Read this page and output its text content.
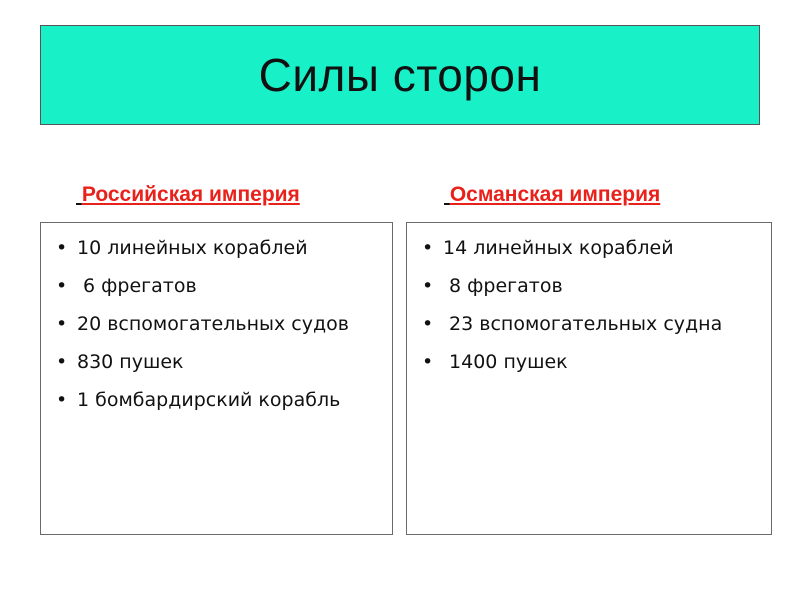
Силы сторон
Российская империя	Османская империя
• 10 линейных кораблей
•  6 фрегатов
• 20 вспомогательных судов
• 830 пушек
• 1 бомбардирский корабль
• 14 линейных кораблей
•  8 фрегатов
•  23 вспомогательных судна
•  1400 пушек
